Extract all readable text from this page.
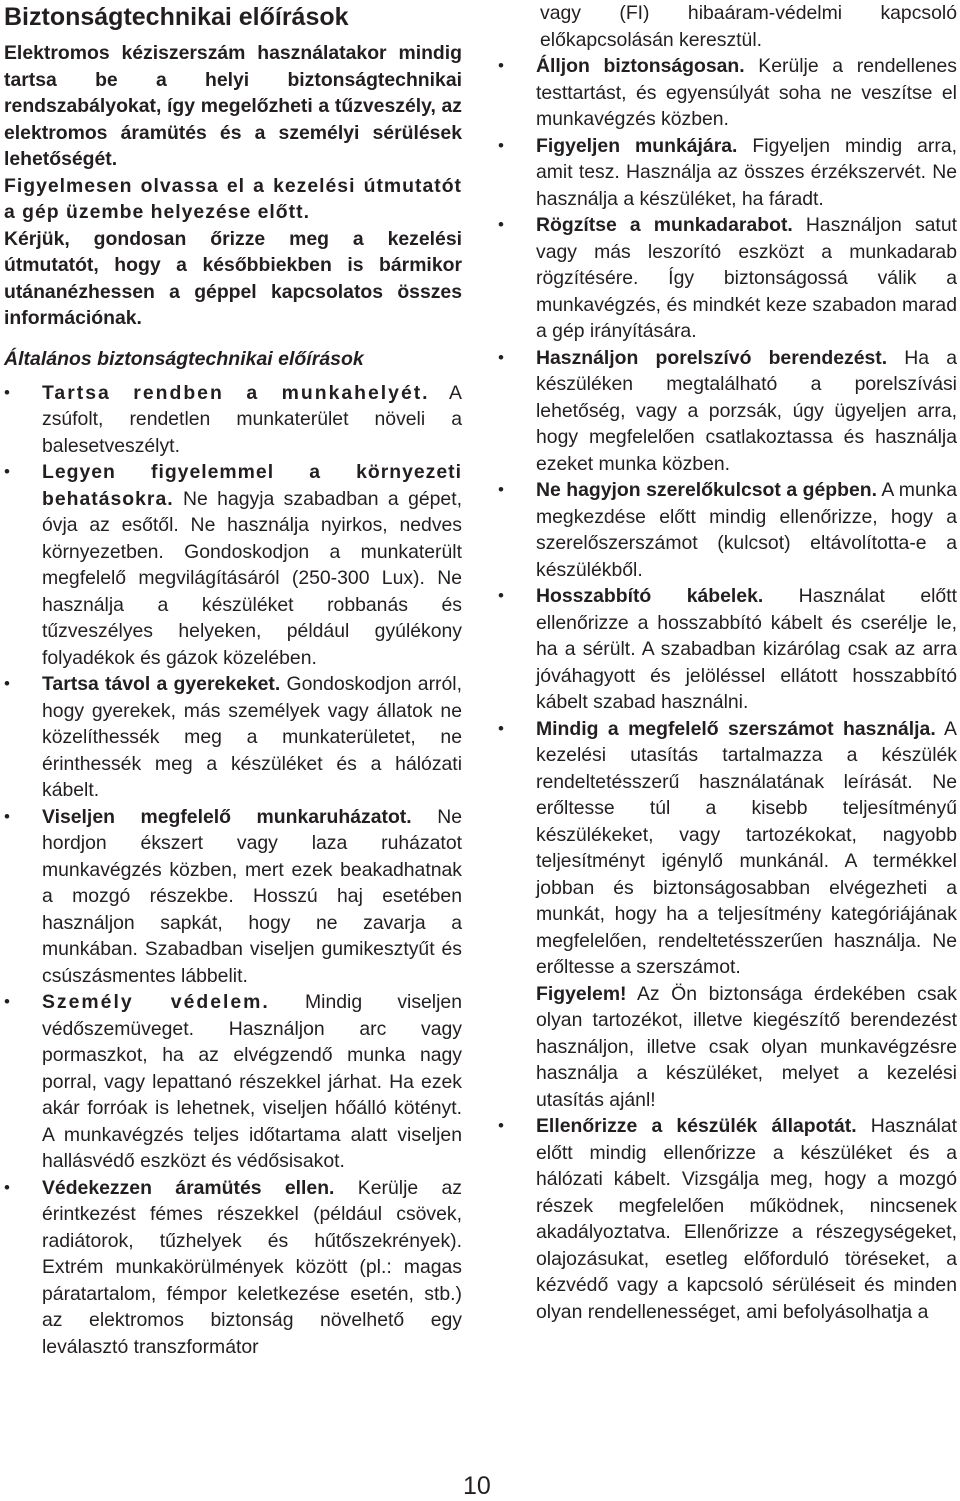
Biztonságtechnikai előírások

Elektromos kéziszerszám használatakor mindig tartsa be a helyi biztonságtechnikai rendszabályokat, így megelőzheti a tűzveszély, az elektromos áramütés és a személyi sérülések lehetőségét.

Figyelmesen olvassa el a kezelési útmutatót a gép üzembe helyezése előtt.

Kérjük, gondosan őrizze meg a kezelési útmutatót, hogy a későbbiekben is bármikor utánanézhessen a géppel kapcsolatos összes információnak.

Általános biztonságtechnikai előírások
• Tartsa rendben a munkahelyét. A zsúfolt, rendetlen munkaterület növeli a balesetveszélyt.
• Legyen figyelemmel a környezeti behatásokra. Ne hagyja szabadban a gépet, óvja az esőtől. Ne használja nyirkos, nedves környezetben. Gondoskodjon a munkaterült megfelelő megvilágításáról (250-300 Lux). Ne használja a készüléket robbanás és tűzveszélyes helyeken, például gyúlékony folyadékok és gázok közelében.
• Tartsa távol a gyerekeket. Gondoskodjon arról, hogy gyerekek, más személyek vagy állatok ne közelíthessék meg a munkaterületet, ne érinthessék meg a készüléket és a hálózati kábelt.
• Viseljen megfelelő munkaruházatot. Ne hordjon ékszert vagy laza ruházatot munkavégzés közben, mert ezek beakadhatnak a mozgó részekbe. Hosszú haj esetében használjon sapkát, hogy ne zavarja a munkában. Szabadban viseljen gumikesztyűt és csúszásmentes lábbelit.
• Személy védelem. Mindig viseljen védőszemüveget. Használjon arc vagy pormaszkot, ha az elvégzendő munka nagy porral, vagy lepattanó részekkel járhat. Ha ezek akár forróak is lehetnek, viseljen hőálló kötényt. A munkavégzés teljes időtartama alatt viseljen hallásvédő eszközt és védősisakot.
• Védekezzen áramütés ellen. Kerülje az érintkezést fémes részekkel (például csövek, radiátorok, tűzhelyek és hűtőszekrények). Extrém munkakörülmények között (pl.: magas páratartalom, fémpor keletkezése esetén, stb.) az elektromos biztonság növelhető egy leválasztó transzformátor

vagy (FI) hibaáram-védelmi kapcsoló előkapcsolásán keresztül.

• Álljon biztonságosan. Kerülje a rendellenes testtartást, és egyensúlyát soha ne veszítse el munkavégzés közben.
• Figyeljen munkájára. Figyeljen mindig arra, amit tesz. Használja az összes érzékszervét. Ne használja a készüléket, ha fáradt.
• Rögzítse a munkadarabot. Használjon satut vagy más leszorító eszközt a munkadarab rögzítésére. Így biztonságossá válik a munkavégzés, és mindkét keze szabadon marad a gép irányítására.
• Használjon porelszívó berendezést. Ha a készüléken megtalálható a porelszívási lehetőség, vagy a porzsák, úgy ügyeljen arra, hogy megfelelően csatlakoztassa és használja ezeket munka közben.
• Ne hagyjon szerelőkulcsot a gépben. A munka megkezdése előtt mindig ellenőrizze, hogy a szerelőszerszámot (kulcsot) eltávolította-e a készülékből.
• Hosszabbító kábelek. Használat előtt ellenőrizze a hosszabbító kábelt és cserélje le, ha a sérült. A szabadban kizárólag csak az arra jóváhagyott és jelöléssel ellátott hosszabbító kábelt szabad használni.
• Mindig a megfelelő szerszámot használja. A kezelési utasítás tartalmazza a készülék rendeltetésszerű használatának leírását. Ne erőltesse túl a kisebb teljesítményű készülékeket, vagy tartozékokat, nagyobb teljesítményt igénylő munkánál. A termékkel jobban és biztonságosabban elvégezheti a munkát, hogy ha a teljesítmény kategóriájának megfelelően, rendeltetésszerűen használja. Ne erőltesse a szerszámot.
Figyelem! Az Ön biztonsága érdekében csak olyan tartozékot, illetve kiegészítő berendezést használjon, illetve csak olyan munkavégzésre használja a készüléket, melyet a kezelési utasítás ajánl!
• Ellenőrizze a készülék állapotát. Használat előtt mindig ellenőrizze a készüléket és a hálózati kábelt. Vizsgálja meg, hogy a mozgó részek megfelelően működnek, nincsenek akadályoztatva. Ellenőrizze a részegységeket, olajozásukat, esetleg előforduló töréseket, a kézvédő vagy a kapcsoló sérüléseit és minden olyan rendellenességet, ami befolyásolhatja a
10
